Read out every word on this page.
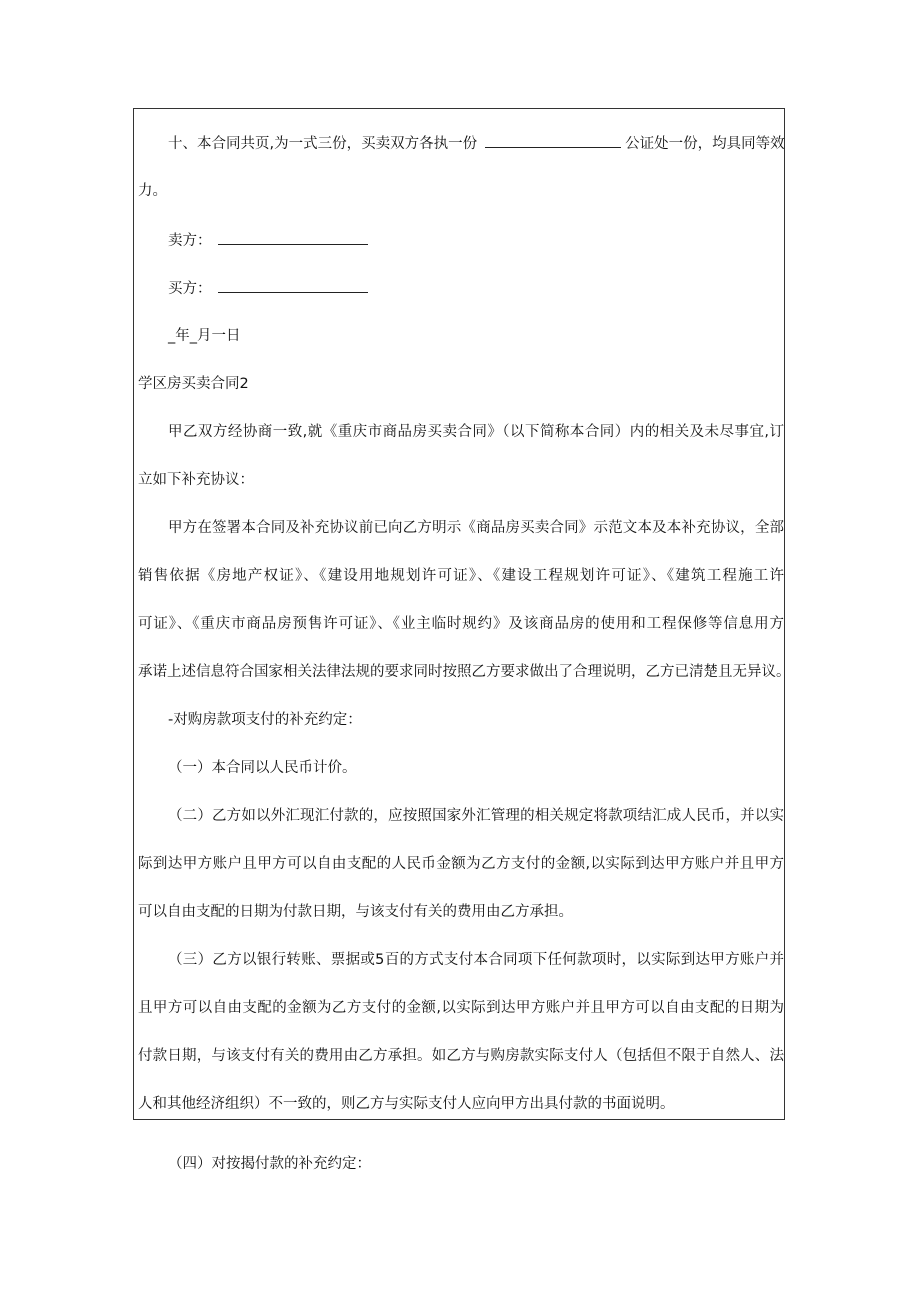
十、本合同共页,为一式三份，买卖双方各执一份	公证处一份，均具同等效
力。
卖方：
买方：
_年_月一日
学区房买卖合同2
甲乙双方经协商一致,就《重庆市商品房买卖合同》（以下简称本合同）内的相关及未尽事宜,订
立如下补充协议：
甲方在签署本合同及补充协议前已向乙方明示《商品房买卖合同》示范文本及本补充协议，全部
销售依据《房地产权证》、《建设用地规划许可证》、《建设工程规划许可证》、《建筑工程施工许
可证》、《重庆市商品房预售许可证》、《业主临时规约》及该商品房的使用和工程保修等信息用方
承诺上述信息符合国家相关法律法规的要求同时按照乙方要求做出了合理说明，乙方已清楚且无异议。
-对购房款项支付的补充约定：
（一）本合同以人民币计价。
（二）乙方如以外汇现汇付款的，应按照国家外汇管理的相关规定将款项结汇成人民币，并以实
际到达甲方账户且甲方可以自由支配的人民币金额为乙方支付的金额,以实际到达甲方账户并且甲方
可以自由支配的日期为付款日期，与该支付有关的费用由乙方承担。
（三）乙方以银行转账、票据或5百的方式支付本合同项下任何款项时，以实际到达甲方账户并
且甲方可以自由支配的金额为乙方支付的金额,以实际到达甲方账户并且甲方可以自由支配的日期为
付款日期，与该支付有关的费用由乙方承担。如乙方与购房款实际支付人（包括但不限于自然人、法
人和其他经济组织）不一致的，则乙方与实际支付人应向甲方出具付款的书面说明。
（四）对按揭付款的补充约定：
